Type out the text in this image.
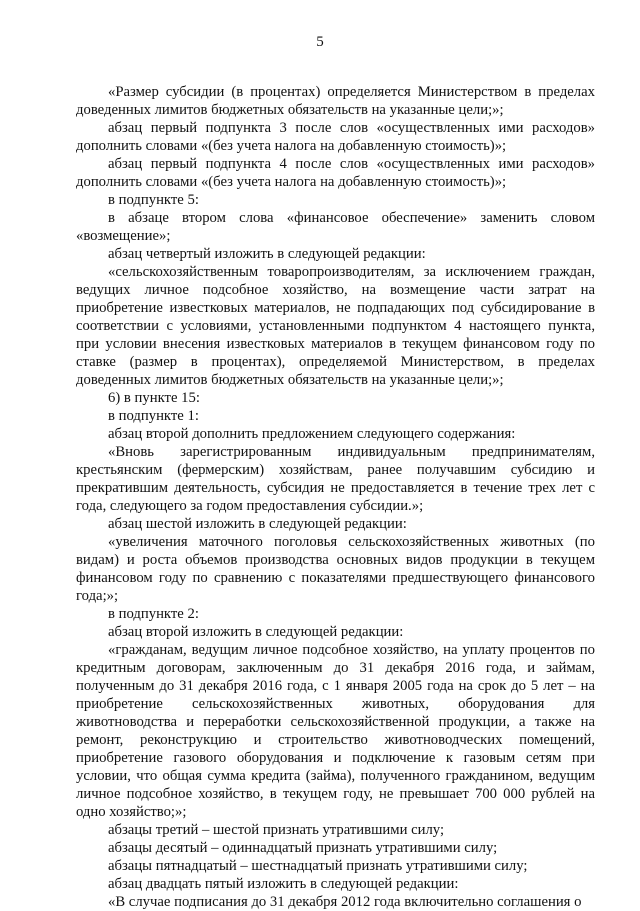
5

«Размер субсидии (в процентах) определяется Министерством в пределах доведенных лимитов бюджетных обязательств на указанные цели;»;

абзац первый подпункта 3 после слов «осуществленных ими расходов» дополнить словами «(без учета налога на добавленную стоимость)»;

абзац первый подпункта 4 после слов «осуществленных ими расходов» дополнить словами «(без учета налога на добавленную стоимость)»;

в подпункте 5:

в абзаце втором слова «финансовое обеспечение» заменить словом «возмещение»;

абзац четвертый изложить в следующей редакции:

«сельскохозяйственным товаропроизводителям, за исключением граждан, ведущих личное подсобное хозяйство, на возмещение части затрат на приобретение известковых материалов, не подпадающих под субсидирование в соответствии с условиями, установленными подпунктом 4 настоящего пункта, при условии внесения известковых материалов в текущем финансовом году по ставке (размер в процентах), определяемой Министерством, в пределах доведенных лимитов бюджетных обязательств на указанные цели;»;

6) в пункте 15:

в подпункте 1:

абзац второй дополнить предложением следующего содержания:

«Вновь зарегистрированным индивидуальным предпринимателям, крестьянским (фермерским) хозяйствам, ранее получавшим субсидию и прекратившим деятельность, субсидия не предоставляется в течение трех лет с года, следующего за годом предоставления субсидии.»;

абзац шестой изложить в следующей редакции:

«увеличения маточного поголовья сельскохозяйственных животных (по видам) и роста объемов производства основных видов продукции в текущем финансовом году по сравнению с показателями предшествующего финансового года;»;

в подпункте 2:

абзац второй изложить в следующей редакции:

«гражданам, ведущим личное подсобное хозяйство, на уплату процентов по кредитным договорам, заключенным до 31 декабря 2016 года, и займам, полученным до 31 декабря 2016 года, с 1 января 2005 года на срок до 5 лет – на приобретение сельскохозяйственных животных, оборудования для животноводства и переработки сельскохозяйственной продукции, а также на ремонт, реконструкцию и строительство животноводческих помещений, приобретение газового оборудования и подключение к газовым сетям при условии, что общая сумма кредита (займа), полученного гражданином, ведущим личное подсобное хозяйство, в текущем году, не превышает 700 000 рублей на одно хозяйство;»;

абзацы третий – шестой признать утратившими силу;

абзацы десятый – одиннадцатый признать утратившими силу;

абзацы пятнадцатый – шестнадцатый признать утратившими силу;

абзац двадцать пятый изложить в следующей редакции:

«В случае подписания до 31 декабря 2012 года включительно соглашения о
